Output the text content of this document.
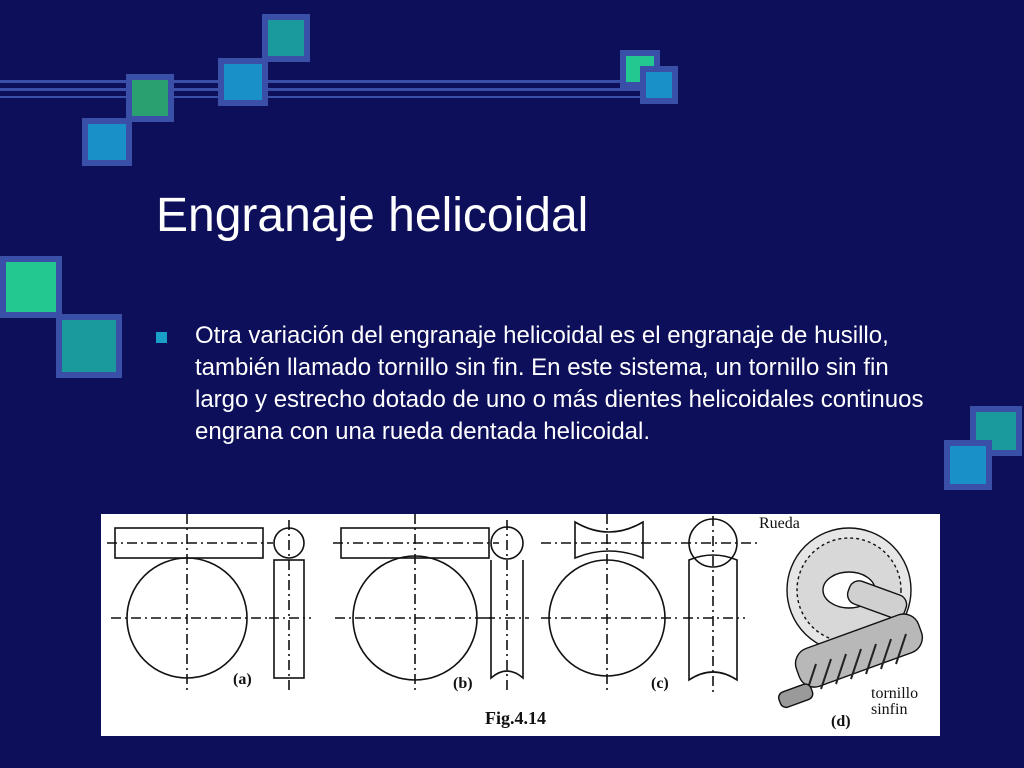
Engranaje helicoidal
Otra variación del engranaje helicoidal es el engranaje de husillo, también llamado tornillo sin fin. En este sistema, un tornillo sin fin largo y estrecho dotado de uno o más dientes helicoidales continuos engrana con una rueda dentada helicoidal.
(a)	(b)	(c)
(d)
Fig.4.14
Rueda
tornillo
sinfin
